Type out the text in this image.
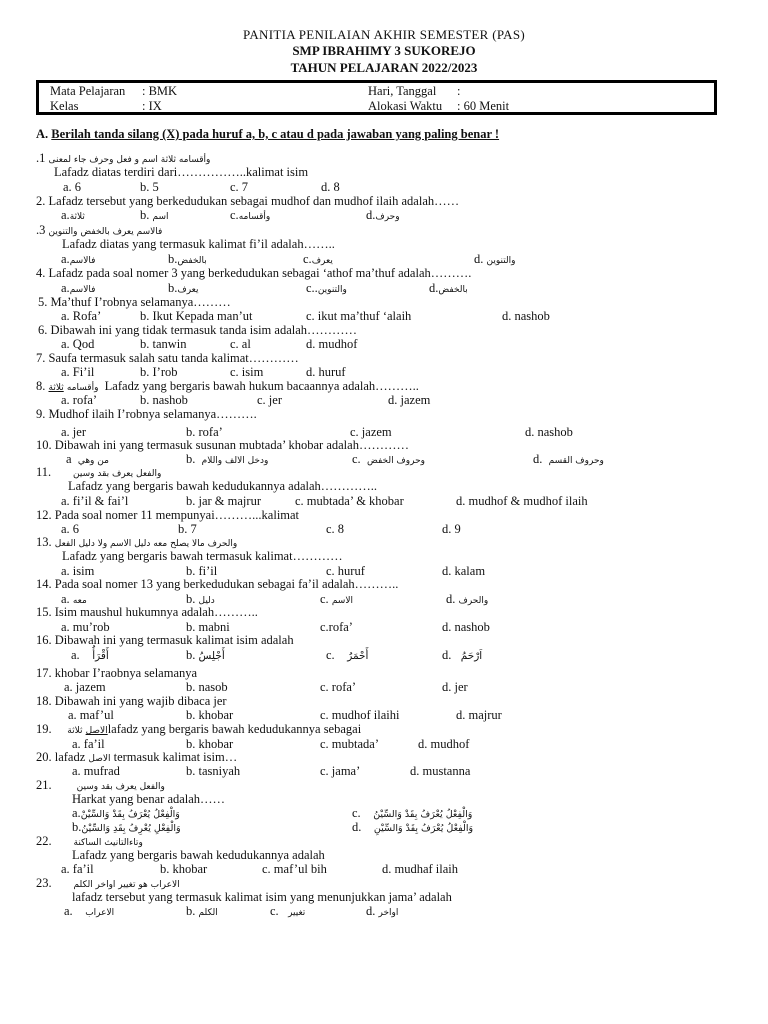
PANITIA PENILAIAN AKHIR SEMESTER (PAS)
SMP IBRAHIMY 3 SUKOREJO
TAHUN PELAJARAN 2022/2023
Mata Pelajaran : BMK
Kelas	: IX
Hari, Tanggal :
Alokasi Waktu : 60 Menit
A. Berilah tanda silang (X) pada huruf a, b, c atau d pada jawaban yang paling benar !
.1 وأقسامه ثلاثة اسم و فعل وحرف جاء لمعنى
Lafadz diatas terdiri dari……………..kalimat isim
a. 6	b. 5	c. 7	d. 8
2. Lafadz tersebut yang berkedudukan sebagai mudhof dan mudhof ilaih adalah……
a.ثلاثة	b. اسم	c.وأقسامه	d.وحرف
.3 فالاسم يعرف بالخفض والتنوين
Lafadz diatas yang termasuk kalimat fi’il adalah……..
a.فالاسم	b.بالخفض	c.يعرف	d. والتنوين
4. Lafadz pada soal nomer 3 yang berkedudukan sebagai ‘athof ma’thuf adalah……….
a.فالاسم	b.يعرف	c..والتنوين	d.بالخفض
5. Ma’thuf I’robnya selamanya………
a. Rofa’	b. Ikut Kepada man’ut	c. ikut ma’thuf ‘alaih	d. nashob
6. Dibawah ini yang tidak termasuk tanda isim adalah…………
a. Qod	b. tanwin	c. al	d. mudhof
7. Saufa termasuk salah satu tanda kalimat…………
a. Fi’il	b. I’rob	c. isim	d. huruf
8. ثلاثة وأقسامه Lafadz yang bergaris bawah hukum bacaannya adalah………..
a. rofa’	b. nashob	c. jer	d. jazem
9. Mudhof ilaih I’robnya selamanya……….
a. jer	b. rofa’	c. jazem	d. nashob
10. Dibawah ini yang termasuk susunan mubtada’ khobar adalah…………
a من وهي	b. ودخل الالف واللام	c. وحروف الخفض	d. وحروف القسم
11. والفعل يعرف بقد وسين
Lafadz yang bergaris bawah kedudukannya adalah…………..
a. fi’il & fai’l	b. jar & majrur	c. mubtada’ & khobar	d. mudhof & mudhof ilaih
12. Pada soal nomer 11 mempunyai………...kalimat
a. 6	b. 7	c. 8	d. 9
13. والحرف مالا يصلح معه دليل الاسم ولا دليل الفعل
Lafadz yang bergaris bawah termasuk kalimat…………
a. isim	b. fi’il	c. huruf	d. kalam
14. Pada soal nomer 13 yang berkedudukan sebagai fa’il adalah………..
a. معه	b. دليل	c. الاسم	d. والحرف
15. Isim maushul hukumnya adalah………..
a. mu’rob	b. mabni	c.rofa’	d. nashob
16. Dibawah ini yang termasuk kalimat isim adalah
a. أَقْرَأُ	b. أَجْلِسُ	c. أَحْمَرُ	d. اَرْحَمُ
17. khobar I’raobnya selamanya
a. jazem	b. nasob	c. rofa’	d. jer
18. Dibawah ini yang wajib dibaca jer
a. maf’ul	b. khobar	c. mudhof ilaihi	d. majrur
19. ثلاثة الاصلlafadz yang bergaris bawah kedudukannya sebagai
a. fa’il	b. khobar	c. mubtada’	d. mudhof
20. lafadz الاصل termasuk kalimat isim…
a. mufrad	b. tasniyah	c. jama’	d. mustanna
21.	والفعل يعرف بقد وسين
Harkat yang benar adalah……
a.وَالْفِعْلُ يُعْرَفُ بِقَدْ وَالسِّيْنْ
b.وَالْفِعْلِ يُعْرِفُ بِقَدِ وَالسِّيْنُ
c. وَالْفِعْلُ يُعْرَفُ بِقَدْ وَالسِّيْنُ
d. وَالْفِعْلُ يُعْرَفُ بِقَدْ وَالسِّيْنِ
22. وتاءالتانيث الساكنة
Lafadz yang bergaris bawah kedudukannya adalah
a. fa’il	b. khobar	c. maf’ul bih	d. mudhaf ilaih
23. الاعراب هو تغيير اواخر الكلم
lafadz tersebut yang termasuk kalimat isim yang menunjukkan jama’ adalah
a. الاعراب	b. الكلم	c. تغيير	d. اواخر
